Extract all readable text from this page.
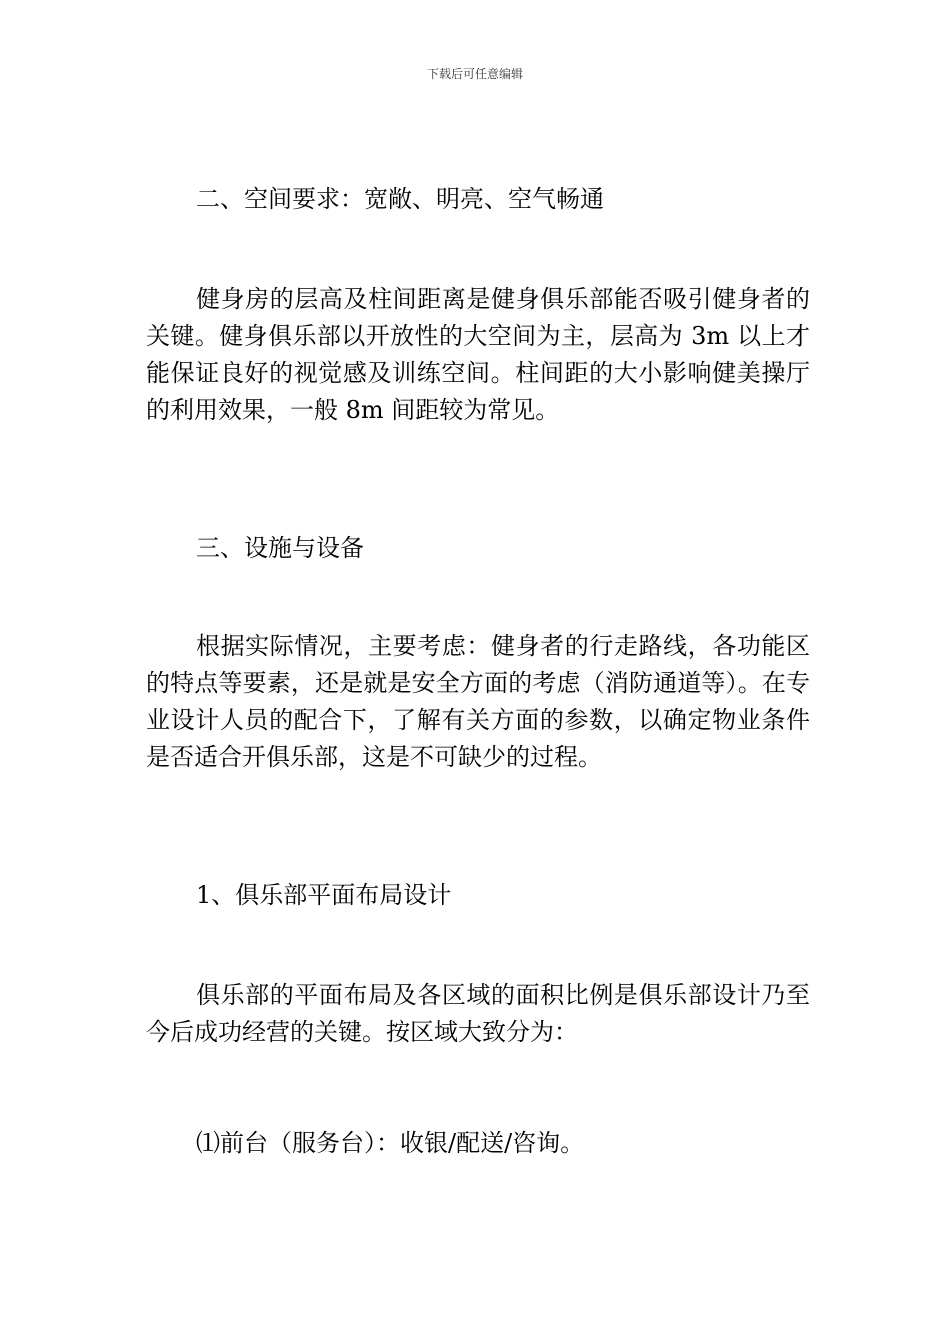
下载后可任意编辑

二、空间要求：宽敞、明亮、空气畅通

健身房的层高及柱间距离是健身俱乐部能否吸引健身者的关键。健身俱乐部以开放性的大空间为主，层高为 3m 以上才能保证良好的视觉感及训练空间。柱间距的大小影响健美操厅的利用效果，一般 8m 间距较为常见。

三、设施与设备

根据实际情况，主要考虑：健身者的行走路线，各功能区的特点等要素，还是就是安全方面的考虑（消防通道等）。在专业设计人员的配合下，了解有关方面的参数，以确定物业条件是否适合开俱乐部，这是不可缺少的过程。

1、俱乐部平面布局设计

俱乐部的平面布局及各区域的面积比例是俱乐部设计乃至今后成功经营的关键。按区域大致分为：

⑴前台（服务台）：收银/配送/咨询。
